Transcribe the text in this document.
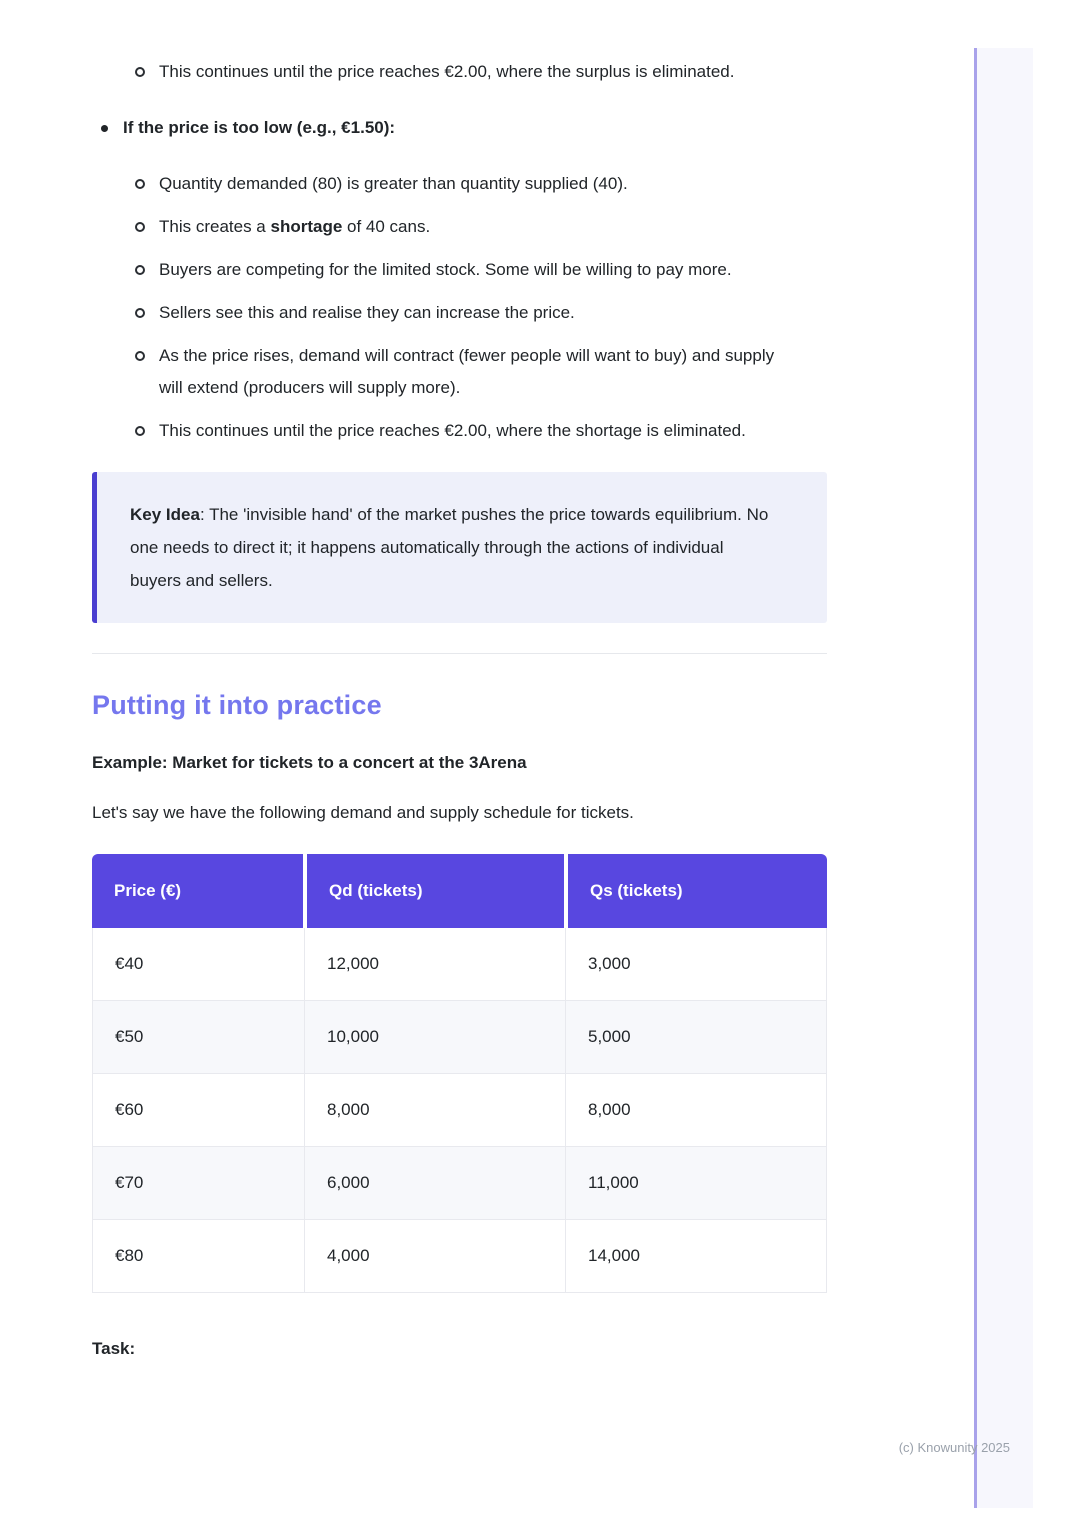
This continues until the price reaches €2.00, where the surplus is eliminated.
If the price is too low (e.g., €1.50):
Quantity demanded (80) is greater than quantity supplied (40).
This creates a shortage of 40 cans.
Buyers are competing for the limited stock. Some will be willing to pay more.
Sellers see this and realise they can increase the price.
As the price rises, demand will contract (fewer people will want to buy) and supply will extend (producers will supply more).
This continues until the price reaches €2.00, where the shortage is eliminated.
Key Idea: The 'invisible hand' of the market pushes the price towards equilibrium. No one needs to direct it; it happens automatically through the actions of individual buyers and sellers.
Putting it into practice
Example: Market for tickets to a concert at the 3Arena
Let's say we have the following demand and supply schedule for tickets.
Price (€)	Qd (tickets)	Qs (tickets)
€40	12,000	3,000
€50	10,000	5,000
€60	8,000	8,000
€70	6,000	11,000
€80	4,000	14,000
Task:
(c) Knowunity 2025
